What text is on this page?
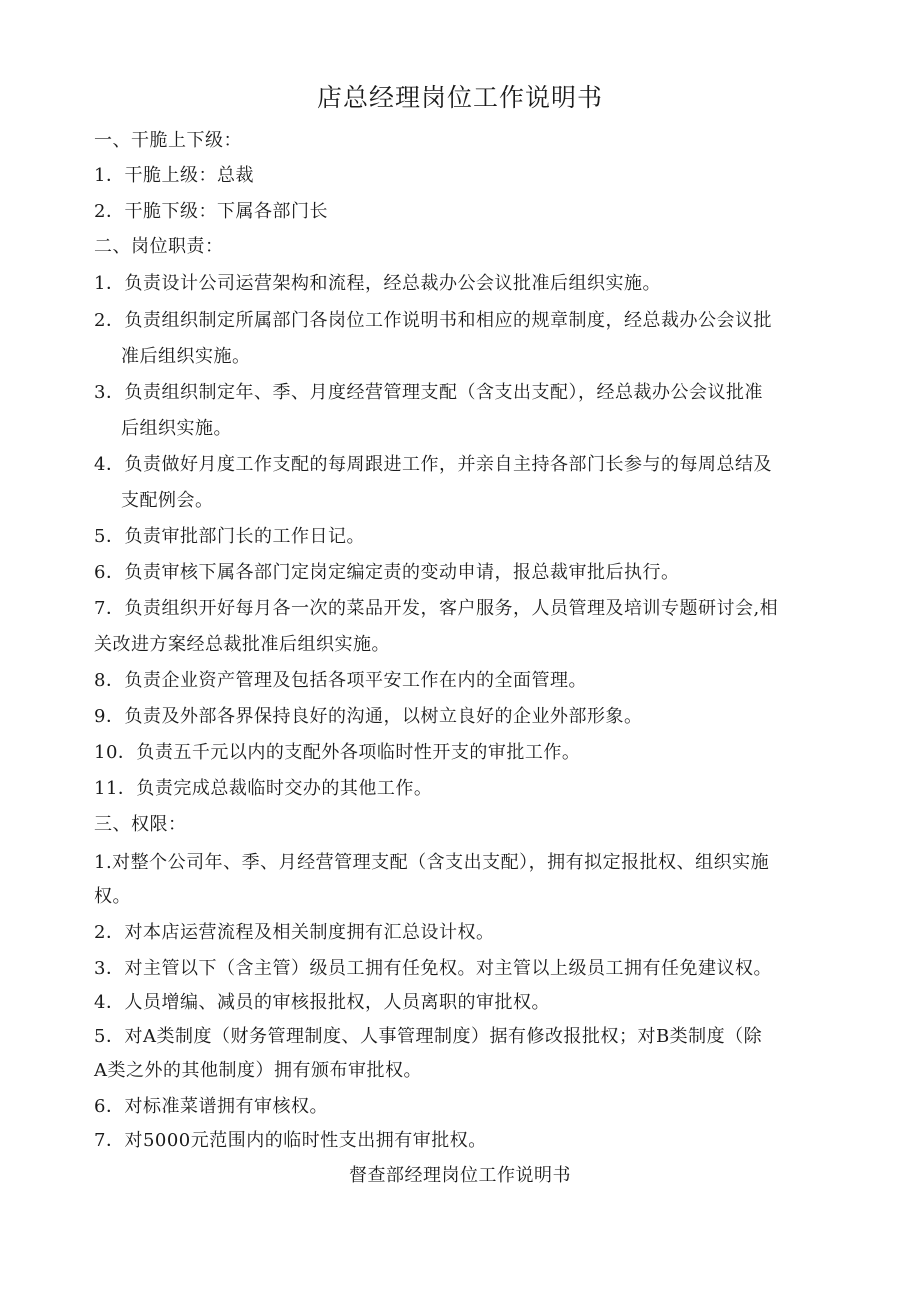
店总经理岗位工作说明书
一、干脆上下级：
1．干脆上级：总裁
2．干脆下级：下属各部门长
二、岗位职责：
1．负责设计公司运营架构和流程，经总裁办公会议批准后组织实施。
2．负责组织制定所属部门各岗位工作说明书和相应的规章制度，经总裁办公会议批
准后组织实施。
3．负责组织制定年、季、月度经营管理支配（含支出支配），经总裁办公会议批准
后组织实施。
4．负责做好月度工作支配的每周跟进工作，并亲自主持各部门长参与的每周总结及
支配例会。
5．负责审批部门长的工作日记。
6．负责审核下属各部门定岗定编定责的变动申请，报总裁审批后执行。
7．负责组织开好每月各一次的菜品开发，客户服务，人员管理及培训专题研讨会,相
关改进方案经总裁批准后组织实施。
8．负责企业资产管理及包括各项平安工作在内的全面管理。
9．负责及外部各界保持良好的沟通，以树立良好的企业外部形象。
10．负责五千元以内的支配外各项临时性开支的审批工作。
11．负责完成总裁临时交办的其他工作。
三、权限：
1.对整个公司年、季、月经营管理支配（含支出支配），拥有拟定报批权、组织实施
权。
2．对本店运营流程及相关制度拥有汇总设计权。
3．对主管以下（含主管）级员工拥有任免权。对主管以上级员工拥有任免建议权。
4．人员增编、减员的审核报批权，人员离职的审批权。
5．对A类制度（财务管理制度、人事管理制度）据有修改报批权；对B类制度（除
A类之外的其他制度）拥有颁布审批权。
6．对标准菜谱拥有审核权。
7．对5000元范围内的临时性支出拥有审批权。
督查部经理岗位工作说明书
